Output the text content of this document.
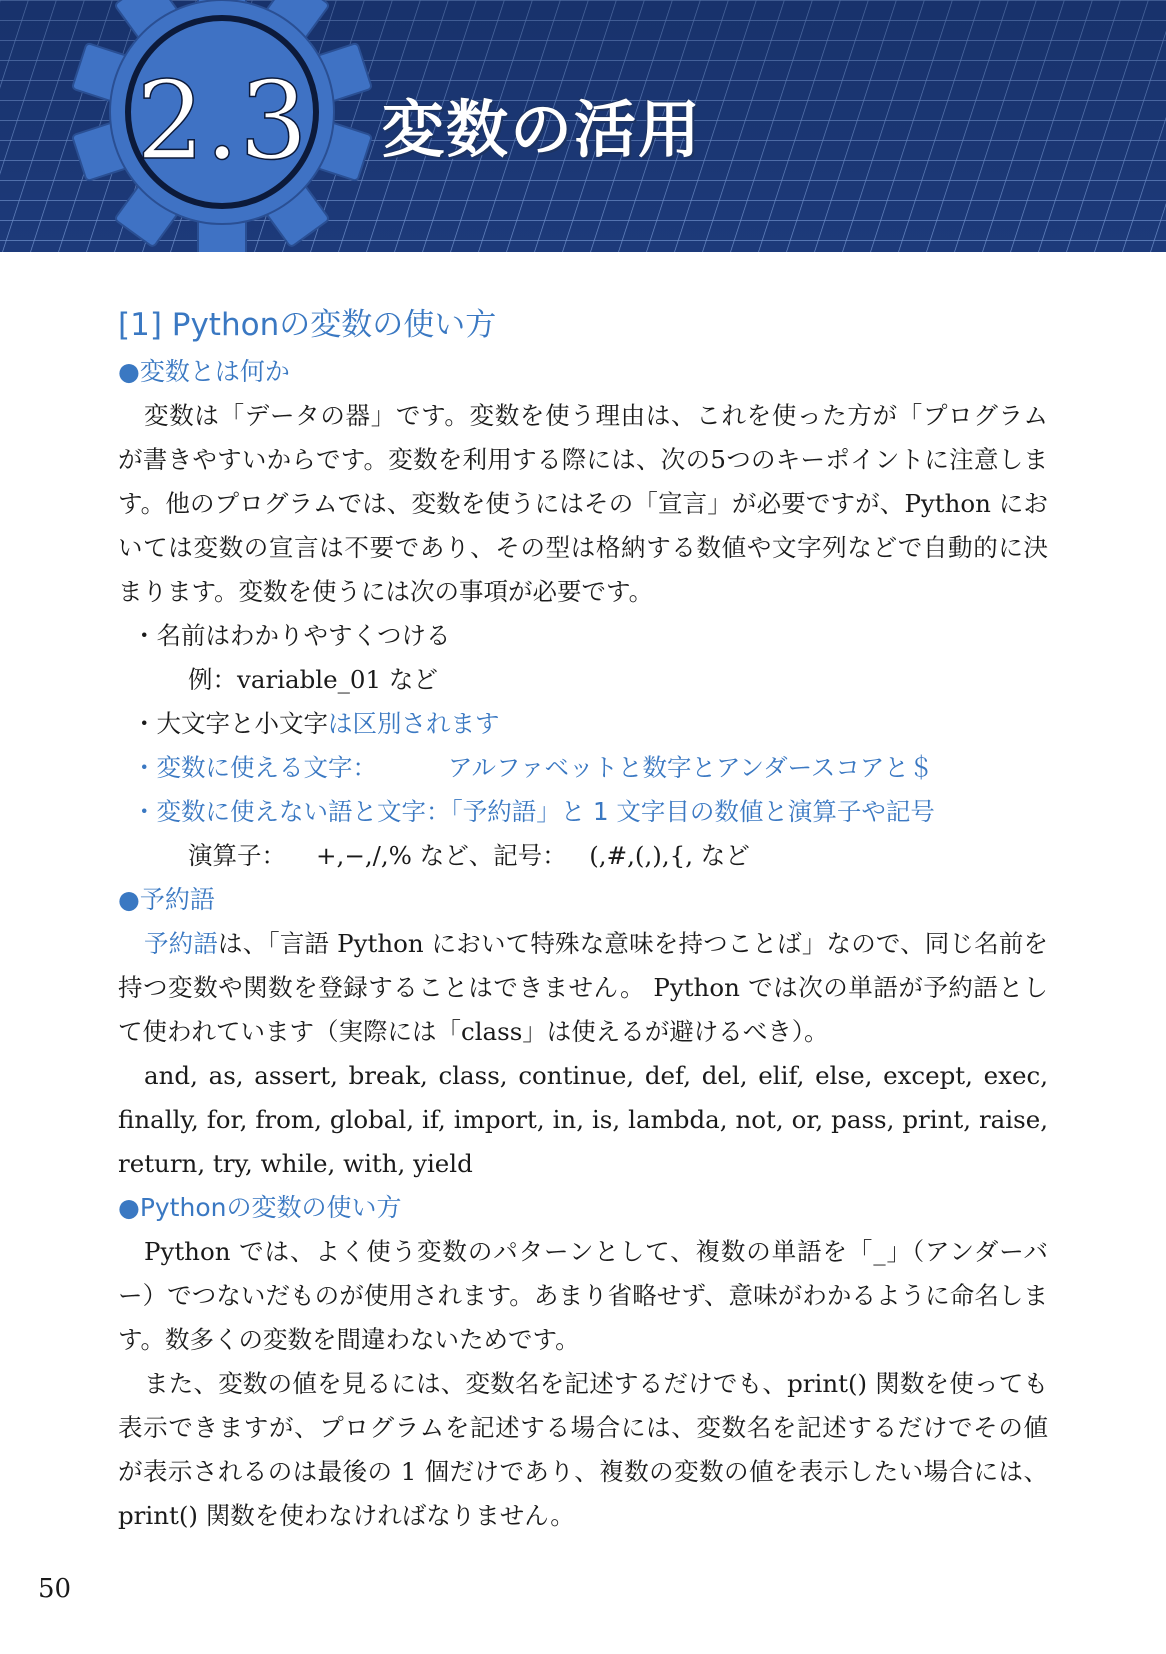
2.3 変数の活用
[1] Pythonの変数の使い方
●変数とは何か

変数は「データの器」です。変数を使う理由は、これを使った方が「プログラムが書きやすいからです。変数を利用する際には、次の5つのキーポイントに注意します。他のプログラムでは、変数を使うにはその「宣言」が必要ですが、Python においては変数の宣言は不要であり、その型は格納する数値や文字列などで自動的に決まります。変数を使うには次の事項が必要です。

・名前はわかりやすくつける
例：variable_01 など
・大文字と小文字は区別されます
・変数に使える文字：	アルファベットと数字とアンダースコアと＄
・変数に使えない語と文字：「予約語」と 1 文字目の数値と演算子や記号
演算子： +,−,/,% など、記号： (,#,(,),{, など
●予約語

予約語は、「言語 Python において特殊な意味を持つことば」なので、同じ名前を持つ変数や関数を登録することはできません。 Python では次の単語が予約語として使われています（実際には「class」は使えるが避けるべき）。

and, as, assert, break, class, continue, def, del, elif, else, except, exec, finally, for, from, global, if, import, in, is, lambda, not, or, pass, print, raise, return, try, while, with, yield

●Pythonの変数の使い方

Python では、よく使う変数のパターンとして、複数の単語を「_」（アンダーバー）でつないだものが使用されます。あまり省略せず、意味がわかるように命名します。数多くの変数を間違わないためです。

また、変数の値を見るには、変数名を記述するだけでも、print() 関数を使っても表示できますが、プログラムを記述する場合には、変数名を記述するだけでその値が表示されるのは最後の 1 個だけであり、複数の変数の値を表示したい場合には、print() 関数を使わなければなりません。

50
